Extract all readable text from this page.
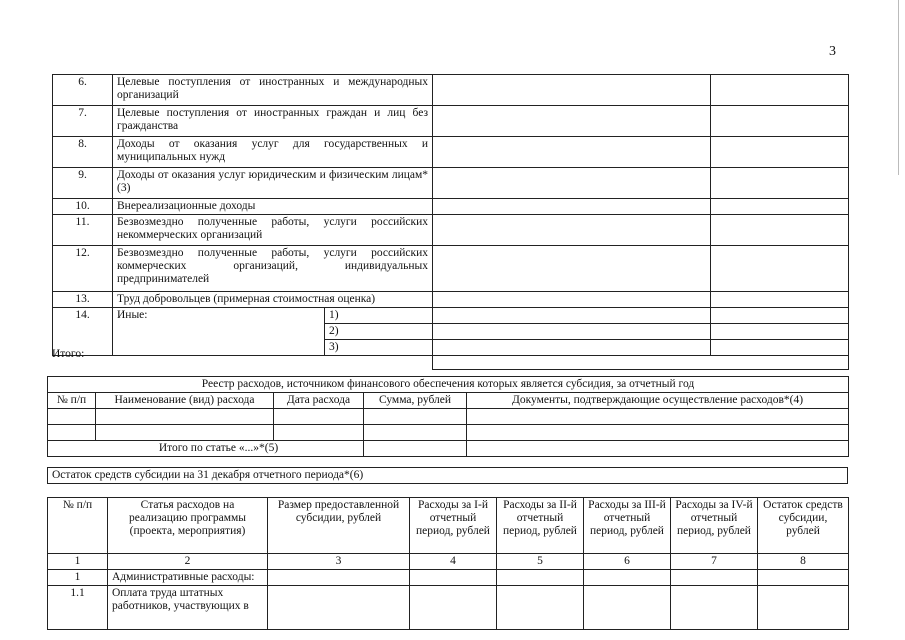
3
6.	Целевые поступления от иностранных и международных организаций			
7.	Целевые поступления от иностранных граждан и лиц без гражданства			
8.	Доходы от оказания услуг для государственных и муниципальных нужд			
9.	Доходы от оказания услуг юридическим и физическим лицам*(3)			
10.	Внереализационные доходы			
11.	Безвозмездно полученные работы, услуги российских некоммерческих организаций			
12.	Безвозмездно полученные работы, услуги российских коммерческих организаций, индивидуальных предпринимателей			
13.	Труд добровольцев (примерная стоимостная оценка)			
14.	Иные:	1)		
		2)		
		3)		

Итого:
Реестр расходов, источником финансового обеспечения которых является субсидия, за отчетный год				
№ п/п	Наименование (вид) расхода	Дата расхода	Сумма, рублей	Документы, подтверждающие осуществление расходов*(4)

Итого по статье «...»*(5)				
Остаток средств субсидии на 31 декабря отчетного периода*(6)
№ п/п	Статья расходов на реализацию программы (проекта, мероприятия)	Размер предоставленной субсидии, рублей	Расходы за I-й отчетный период, рублей	Расходы за II-й отчетный период, рублей	Расходы за III-й отчетный период, рублей	Расходы за IV-й отчетный период, рублей	Остаток средств субсидии, рублей
1	2	3	4	5	6	7	8
1	Административные расходы:						
1.1	Оплата труда штатных работников, участвующих в						
